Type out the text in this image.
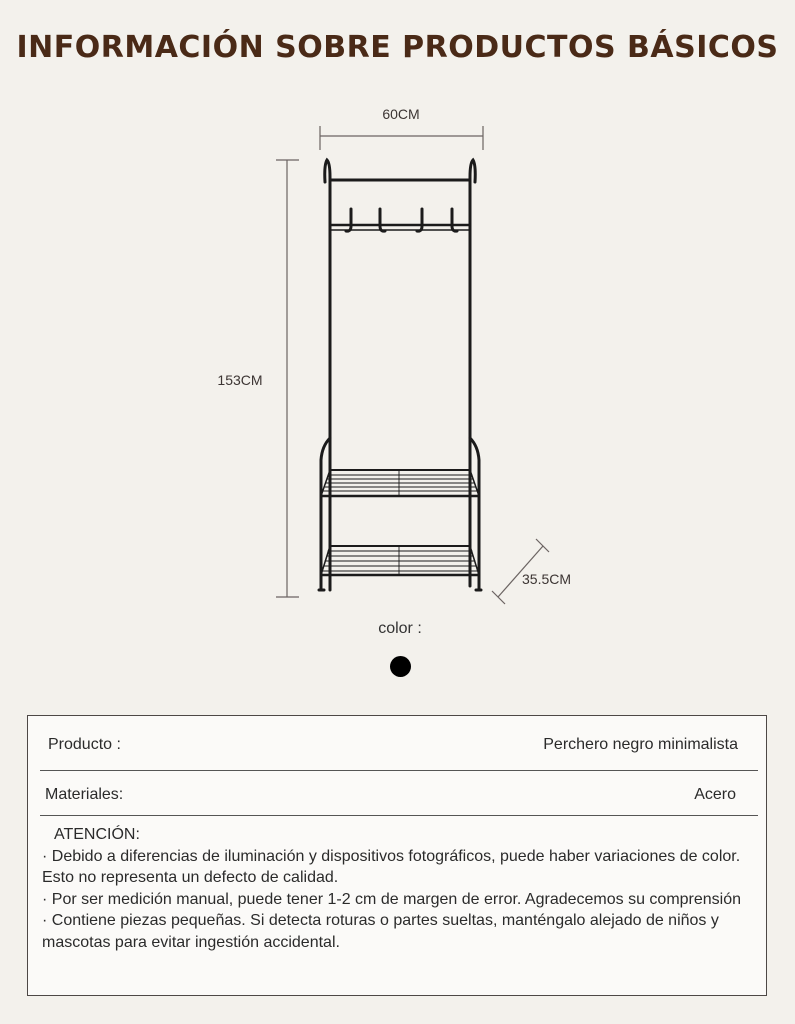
INFORMACIÓN SOBRE PRODUCTOS BÁSICOS
60CM
153CM
35.5CM
color :
Producto :	Perchero negro minimalista
Materiales:	Acero

ATENCIÓN:

· Debido a diferencias de iluminación y dispositivos fotográficos, puede haber variaciones de color. Esto no representa un defecto de calidad.

· Por ser medición manual, puede tener 1-2 cm de margen de error. Agradecemos su comprensión

· Contiene piezas pequeñas. Si detecta roturas o partes sueltas, manténgalo alejado de niños y mascotas para evitar ingestión accidental.
